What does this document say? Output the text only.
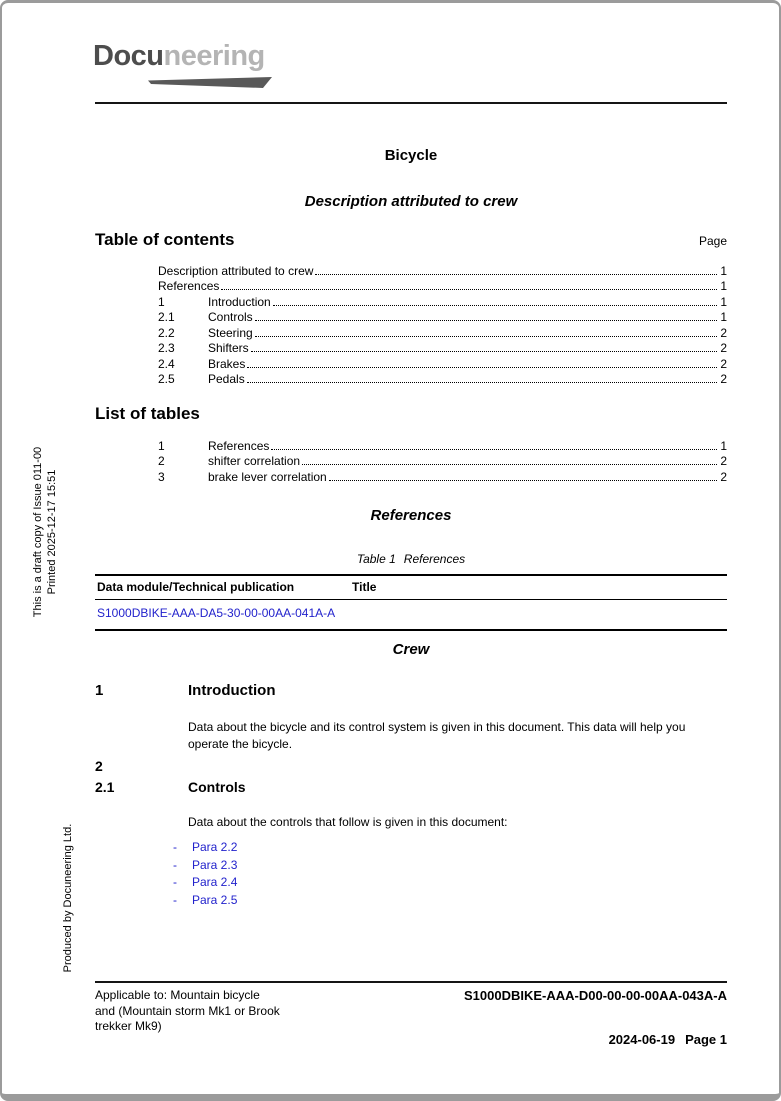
Docuneering
Bicycle
Description attributed to crew
Table of contents	Page
Description attributed to crew	1
References	1
1	Introduction	1
2.1	Controls	1
2.2	Steering	2
2.3	Shifters	2
2.4	Brakes	2
2.5	Pedals	2
List of tables
1	References	1
2	shifter correlation	2
3	brake lever correlation	2
References
Table 1 References
Data module/Technical publication	Title
S1000DBIKE-AAA-DA5-30-00-00AA-041A-A
Crew
1	Introduction
Data about the bicycle and its control system is given in this document. This data will help you operate the bicycle.
2
2.1	Controls
Data about the controls that follow is given in this document:
-
Para 2.2
-
Para 2.3
-
Para 2.4
-
Para 2.5
Applicable to: Mountain bicycle and (Mountain storm Mk1 or Brook trekker Mk9)
S1000DBIKE-AAA-D00-00-00-00AA-043A-A
2024-06-19 Page 1
This is a draft copy of Issue 011-00 Printed 2025-12-17 15:51
Produced by Docuneering Ltd.
